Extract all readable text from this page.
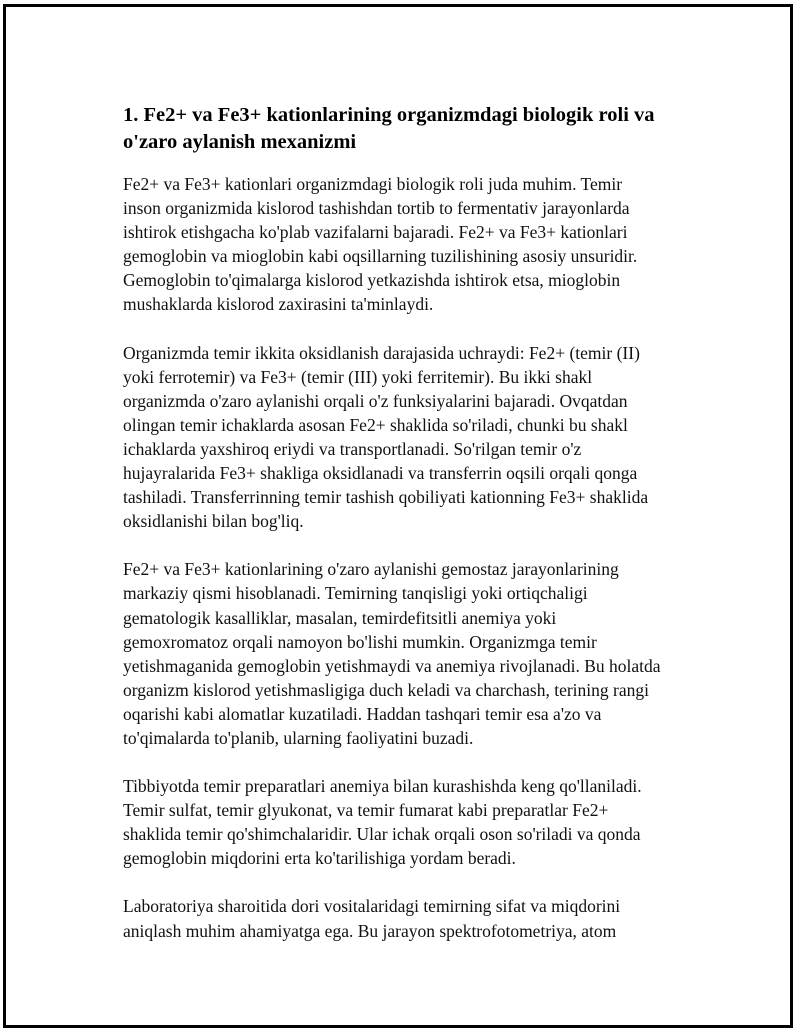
1. Fe2+ va Fe3+ kationlarining organizmdagi biologik roli va
o'zaro aylanish mexanizmi
Fe2+ va Fe3+ kationlari organizmdagi biologik roli juda muhim. Temir
inson organizmida kislorod tashishdan tortib to fermentativ jarayonlarda
ishtirok etishgacha ko'plab vazifalarni bajaradi. Fe2+ va Fe3+ kationlari
gemoglobin va mioglobin kabi oqsillarning tuzilishining asosiy unsuridir.
Gemoglobin to'qimalarga kislorod yetkazishda ishtirok etsa, mioglobin
mushaklarda kislorod zaxirasini ta'minlaydi.
Organizmda temir ikkita oksidlanish darajasida uchraydi: Fe2+ (temir (II)
yoki ferrotemir) va Fe3+ (temir (III) yoki ferritemir). Bu ikki shakl
organizmda o'zaro aylanishi orqali o'z funksiyalarini bajaradi. Ovqatdan
olingan temir ichaklarda asosan Fe2+ shaklida so'riladi, chunki bu shakl
ichaklarda yaxshiroq eriydi va transportlanadi. So'rilgan temir o'z
hujayralarida Fe3+ shakliga oksidlanadi va transferrin oqsili orqali qonga
tashiladi. Transferrinning temir tashish qobiliyati kationning Fe3+ shaklida
oksidlanishi bilan bog'liq.
Fe2+ va Fe3+ kationlarining o'zaro aylanishi gemostaz jarayonlarining
markaziy qismi hisoblanadi. Temirning tanqisligi yoki ortiqchaligi
gematologik kasalliklar, masalan, temirdefitsitli anemiya yoki
gemoxromatoz orqali namoyon bo'lishi mumkin. Organizmga temir
yetishmaganida gemoglobin yetishmaydi va anemiya rivojlanadi. Bu holatda
organizm kislorod yetishmasligiga duch keladi va charchash, terining rangi
oqarishi kabi alomatlar kuzatiladi. Haddan tashqari temir esa a'zo va
to'qimalarda to'planib, ularning faoliyatini buzadi.
Tibbiyotda temir preparatlari anemiya bilan kurashishda keng qo'llaniladi.
Temir sulfat, temir glyukonat, va temir fumarat kabi preparatlar Fe2+
shaklida temir qo'shimchalaridir. Ular ichak orqali oson so'riladi va qonda
gemoglobin miqdorini erta ko'tarilishiga yordam beradi.
Laboratoriya sharoitida dori vositalaridagi temirning sifat va miqdorini
aniqlash muhim ahamiyatga ega. Bu jarayon spektrofotometriya, atom
